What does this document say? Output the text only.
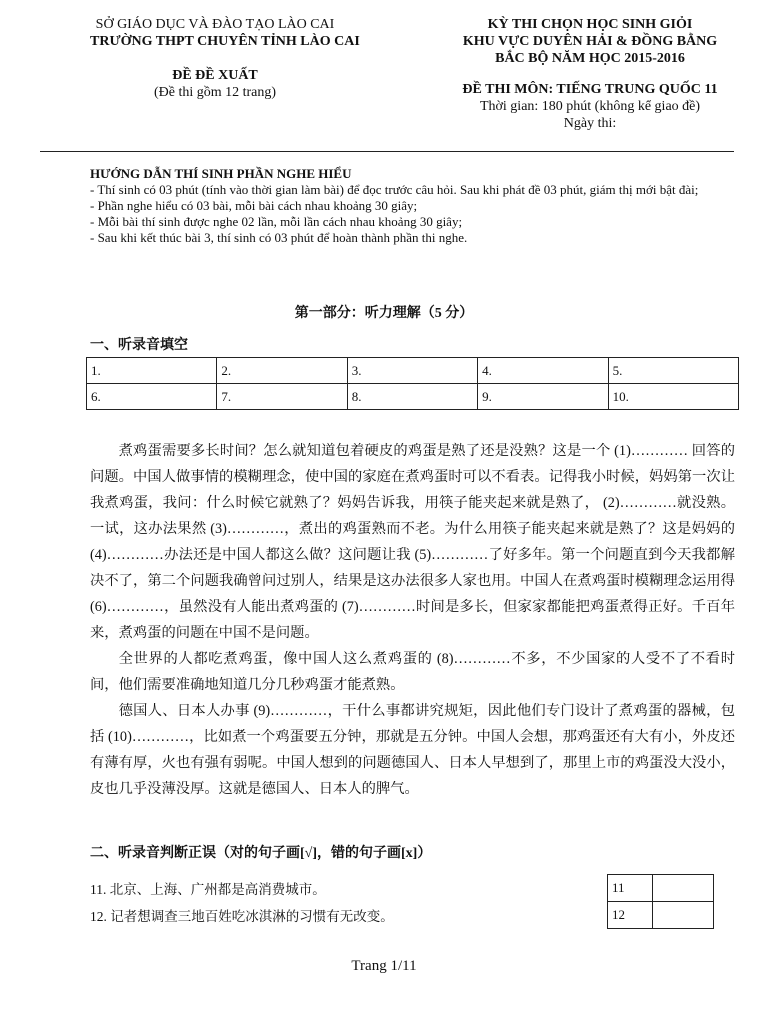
SỞ GIÁO DỤC VÀ ĐÀO TẠO LÀO CAI
TRƯỜNG THPT CHUYÊN TỈNH LÀO CAI
ĐỀ ĐỀ XUẤT
(Đề thi gồm 12 trang)
KỲ THI CHỌN HỌC SINH GIỎI
KHU VỰC DUYÊN HẢI & ĐỒNG BẰNG
BẮC BỘ NĂM HỌC 2015-2016
ĐỀ THI MÔN: TIẾNG TRUNG QUỐC 11
Thời gian: 180 phút (không kể giao đề)
Ngày thi:
HƯỚNG DẪN THÍ SINH PHẦN NGHE HIỂU
- Thí sinh có 03 phút (tính vào thời gian làm bài) để đọc trước câu hỏi. Sau khi phát đề 03 phút, giám thị mới bật đài;
- Phần nghe hiểu có 03 bài, mỗi bài cách nhau khoảng 30 giây;
- Mỗi bài thí sinh được nghe 02 lần, mỗi lần cách nhau khoảng 30 giây;
- Sau khi kết thúc bài 3, thí sinh có 03 phút để hoàn thành phần thi nghe.
第一部分：听力理解（5 分）
一、听录音填空
1.	2.	3.	4.	5.
6.	7.	8.	9.	10.

煮鸡蛋需要多长时间？怎么就知道包着硬皮的鸡蛋是熟了还是没熟？这是一个 (1)………… 回答的问题。中国人做事情的模糊理念，使中国的家庭在煮鸡蛋时可以不看表。记得我小时候，妈妈第一次让我煮鸡蛋，我问：什么时候它就熟了？妈妈告诉我，用筷子能夹起来就是熟了， (2)…………就没熟。一试，这办法果然 (3)…………，煮出的鸡蛋熟而不老。为什么用筷子能夹起来就是熟了？这是妈妈的 (4)…………办法还是中国人都这么做？这问题让我 (5)…………了好多年。第一个问题直到今天我都解决不了，第二个问题我确曾问过别人，结果是这办法很多人家也用。中国人在煮鸡蛋时模糊理念运用得 (6)…………，虽然没有人能出煮鸡蛋的 (7)…………时间是多长，但家家都能把鸡蛋煮得正好。千百年来，煮鸡蛋的问题在中国不是问题。

全世界的人都吃煮鸡蛋，像中国人这么煮鸡蛋的 (8)…………不多，不少国家的人受不了不看时间，他们需要准确地知道几分几秒鸡蛋才能煮熟。

德国人、日本人办事 (9)…………，干什么事都讲究规矩，因此他们专门设计了煮鸡蛋的器械，包括 (10)…………，比如煮一个鸡蛋要五分钟，那就是五分钟。中国人会想，那鸡蛋还有大有小，外皮还有薄有厚，火也有强有弱呢。中国人想到的问题德国人、日本人早想到了，那里上市的鸡蛋没大没小，皮也几乎没薄没厚。这就是德国人、日本人的脾气。

二、听录音判断正误（对的句子画[√]，错的句子画[x]）
11. 北京、上海、广州都是高消费城市。
12. 记者想调查三地百姓吃冰淇淋的习惯有无改变。
11	
12	
Trang 1/11
